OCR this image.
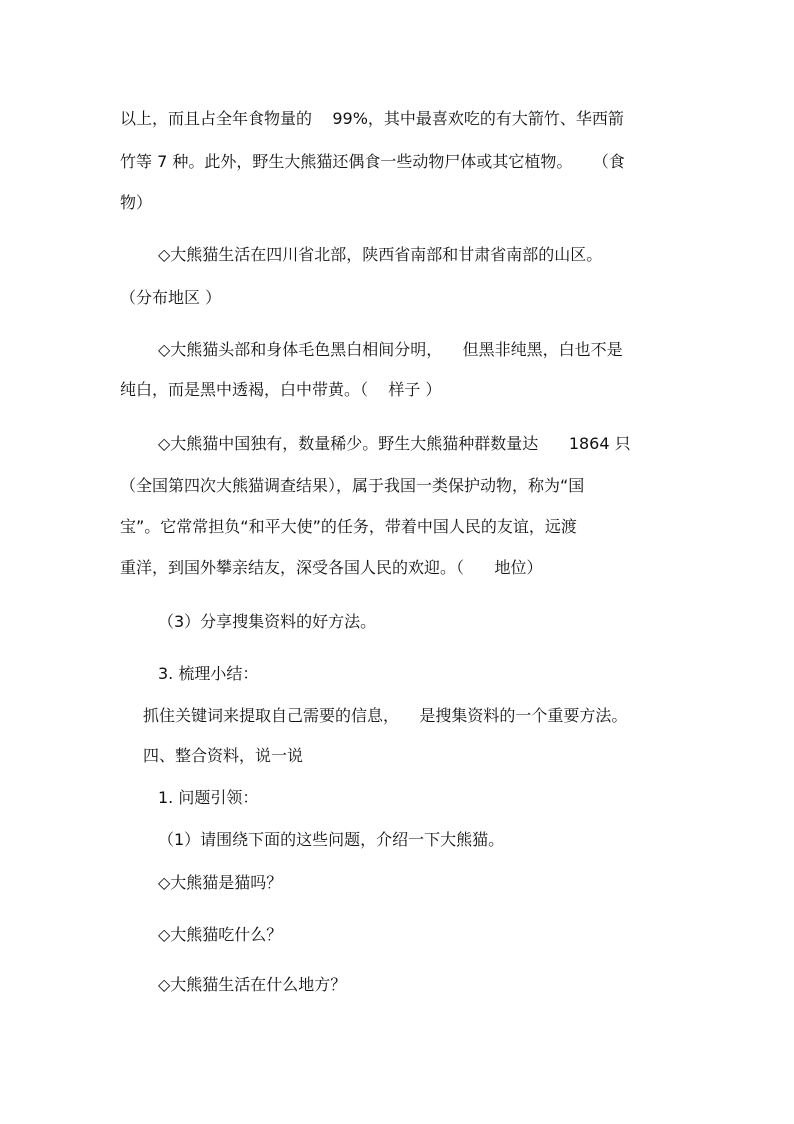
以上，而且占全年食物量的    99%，其中最喜欢吃的有大箭竹、华西箭
竹等 7 种。此外，野生大熊猫还偶食一些动物尸体或其它植物。    （食
物）
◇大熊猫生活在四川省北部，陕西省南部和甘肃省南部的山区。
（分布地区 ）
◇大熊猫头部和身体毛色黑白相间分明，    但黑非纯黑，白也不是
纯白，而是黑中透褐，白中带黄。（    样子 ）
◇大熊猫中国独有，数量稀少。野生大熊猫种群数量达      1864 只
（全国第四次大熊猫调查结果），属于我国一类保护动物，称为“国
宝”。它常常担负“和平大使”的任务，带着中国人民的友谊，远渡
重洋，到国外攀亲结友，深受各国人民的欢迎。（      地位）
（3）分享搜集资料的好方法。
3. 梳理小结：
抓住关键词来提取自己需要的信息，    是搜集资料的一个重要方法。
四、整合资料，说一说
1. 问题引领：
（1）请围绕下面的这些问题，介绍一下大熊猫。
◇大熊猫是猫吗？
◇大熊猫吃什么？
◇大熊猫生活在什么地方？
